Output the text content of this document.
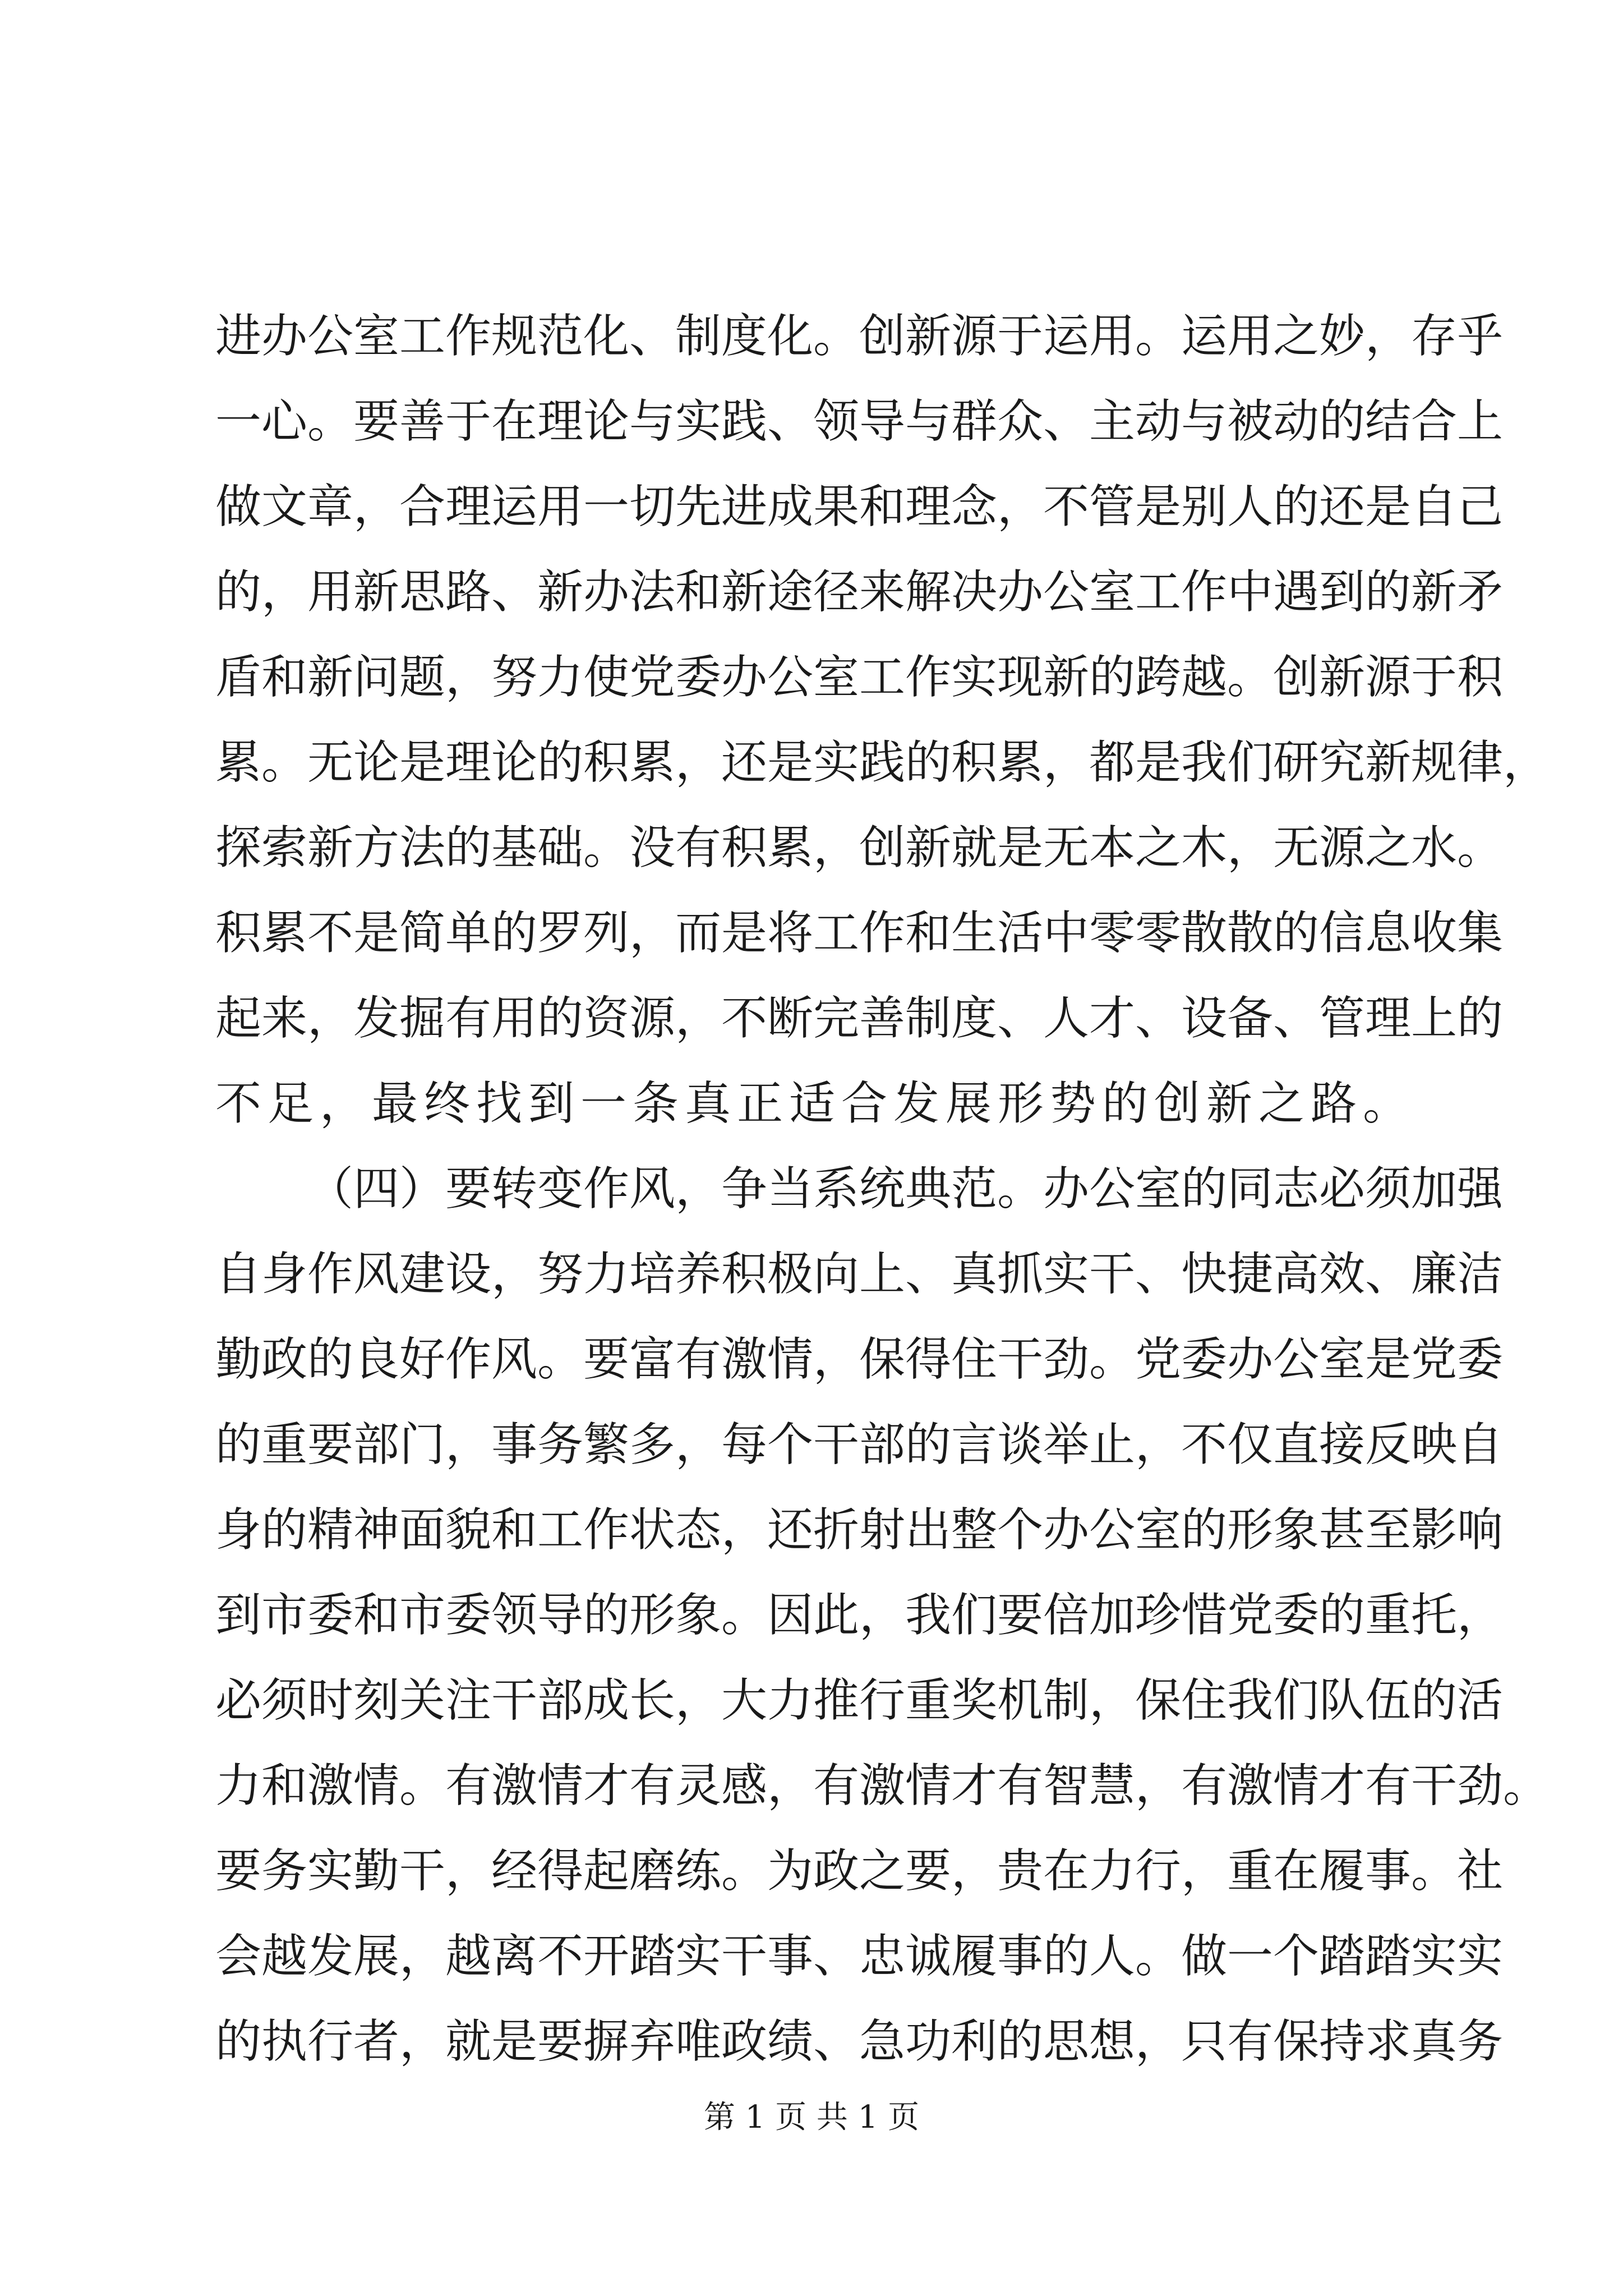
进办公室工作规范化、制度化。创新源于运用。运用之妙，存乎
一心。要善于在理论与实践、领导与群众、主动与被动的结合上
做文章，合理运用一切先进成果和理念，不管是别人的还是自己
的，用新思路、新办法和新途径来解决办公室工作中遇到的新矛
盾和新问题，努力使党委办公室工作实现新的跨越。创新源于积
累。无论是理论的积累，还是实践的积累，都是我们研究新规律，
探索新方法的基础。没有积累，创新就是无本之木，无源之水。
积累不是简单的罗列，而是将工作和生活中零零散散的信息收集
起来，发掘有用的资源，不断完善制度、人才、设备、管理上的
不足，最终找到一条真正适合发展形势的创新之路。
（四）要转变作风，争当系统典范。办公室的同志必须加强
自身作风建设，努力培养积极向上、真抓实干、快捷高效、廉洁
勤政的良好作风。要富有激情，保得住干劲。党委办公室是党委
的重要部门，事务繁多，每个干部的言谈举止，不仅直接反映自
身的精神面貌和工作状态，还折射出整个办公室的形象甚至影响
到市委和市委领导的形象。因此，我们要倍加珍惜党委的重托，
必须时刻关注干部成长，大力推行重奖机制，保住我们队伍的活
力和激情。有激情才有灵感，有激情才有智慧，有激情才有干劲。
要务实勤干，经得起磨练。为政之要，贵在力行，重在履事。社
会越发展，越离不开踏实干事、忠诚履事的人。做一个踏踏实实
的执行者，就是要摒弃唯政绩、急功利的思想，只有保持求真务
第 1 页 共 1 页
